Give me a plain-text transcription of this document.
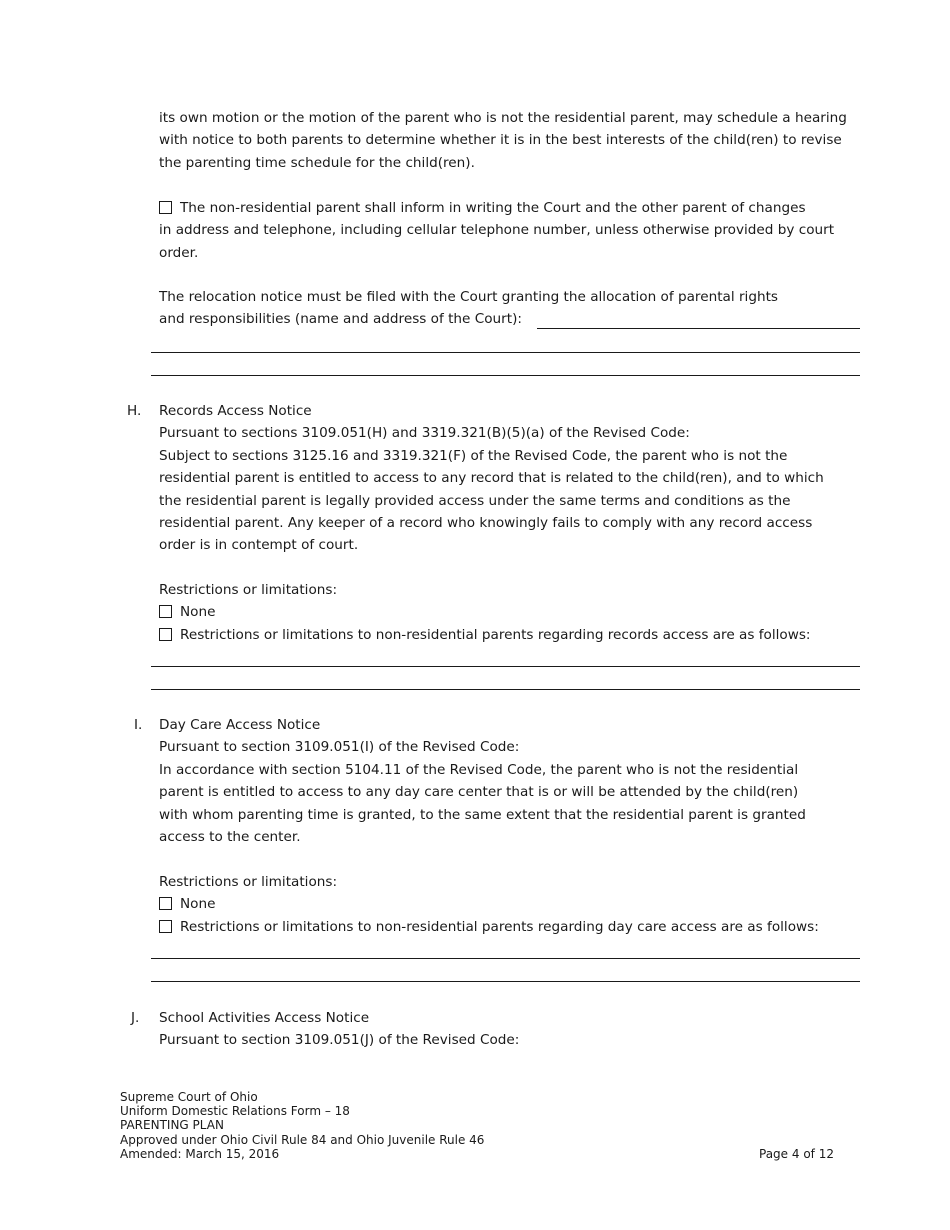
its own motion or the motion of the parent who is not the residential parent, may schedule a hearing
with notice to both parents to determine whether it is in the best interests of the child(ren) to revise
the parenting time schedule for the child(ren).
The non-residential parent shall inform in writing the Court and the other parent of changes
in address and telephone, including cellular telephone number, unless otherwise provided by court
order.
The relocation notice must be filed with the Court granting the allocation of parental rights
and responsibilities (name and address of the Court):
H. Records Access Notice
Pursuant to sections 3109.051(H) and 3319.321(B)(5)(a) of the Revised Code:
Subject to sections 3125.16 and 3319.321(F) of the Revised Code, the parent who is not the
residential parent is entitled to access to any record that is related to the child(ren), and to which
the residential parent is legally provided access under the same terms and conditions as the
residential parent. Any keeper of a record who knowingly fails to comply with any record access
order is in contempt of court.
Restrictions or limitations:
None
Restrictions or limitations to non-residential parents regarding records access are as follows:
I. Day Care Access Notice
Pursuant to section 3109.051(I) of the Revised Code:
In accordance with section 5104.11 of the Revised Code, the parent who is not the residential
parent is entitled to access to any day care center that is or will be attended by the child(ren)
with whom parenting time is granted, to the same extent that the residential parent is granted
access to the center.
Restrictions or limitations:
None
Restrictions or limitations to non-residential parents regarding day care access are as follows:
J. School Activities Access Notice
Pursuant to section 3109.051(J) of the Revised Code:
Supreme Court of Ohio
Uniform Domestic Relations Form – 18
PARENTING PLAN
Approved under Ohio Civil Rule 84 and Ohio Juvenile Rule 46
Amended: March 15, 2016	Page 4 of 12
